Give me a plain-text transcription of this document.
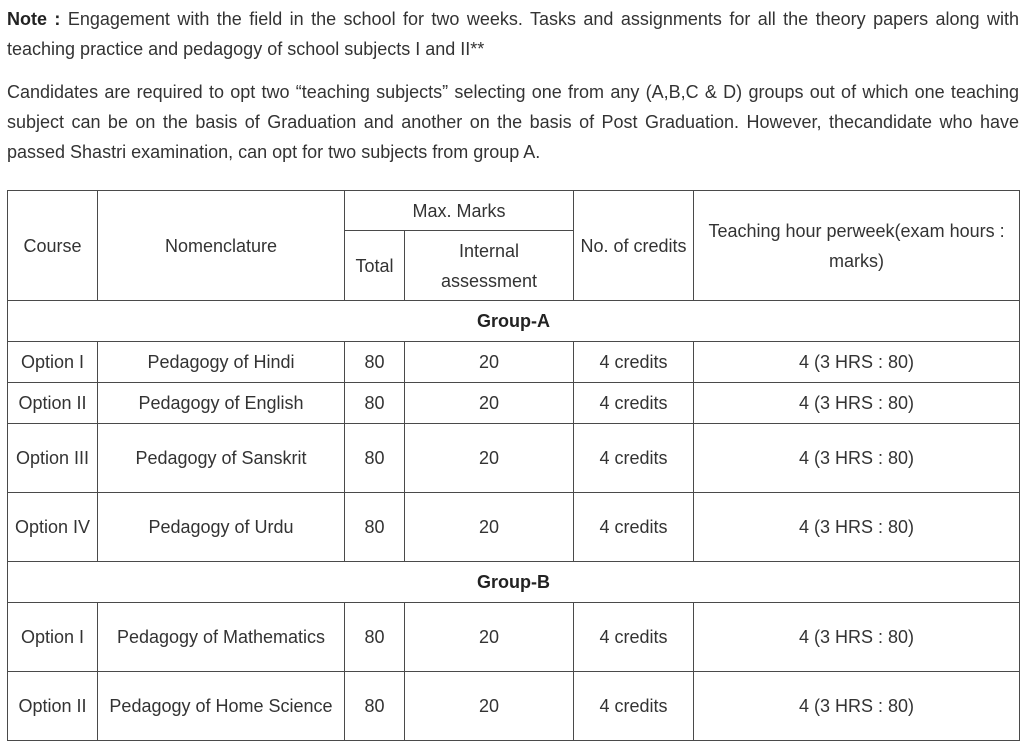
Note : Engagement with the field in the school for two weeks. Tasks and assignments for all the theory papers along with teaching practice and pedagogy of school subjects I and II**

Candidates are required to opt two “teaching subjects” selecting one from any (A,B,C & D) groups out of which one teaching subject can be on the basis of Graduation and another on the basis of Post Graduation. However, thecandidate who have passed Shastri examination, can opt for two subjects from group A.

Course	Nomenclature	Max. Marks		No. of credits	Teaching hour perweek(exam hours : marks)
		Total	Internal assessment		
Group-A					
Option I	Pedagogy of Hindi	80	20	4 credits	4 (3 HRS : 80)
Option II	Pedagogy of English	80	20	4 credits	4 (3 HRS : 80)
Option III	Pedagogy of Sanskrit	80	20	4 credits	4 (3 HRS : 80)
Option IV	Pedagogy of Urdu	80	20	4 credits	4 (3 HRS : 80)
Group-B					
Option I	Pedagogy of Mathematics	80	20	4 credits	4 (3 HRS : 80)
Option II	Pedagogy of Home Science	80	20	4 credits	4 (3 HRS : 80)
